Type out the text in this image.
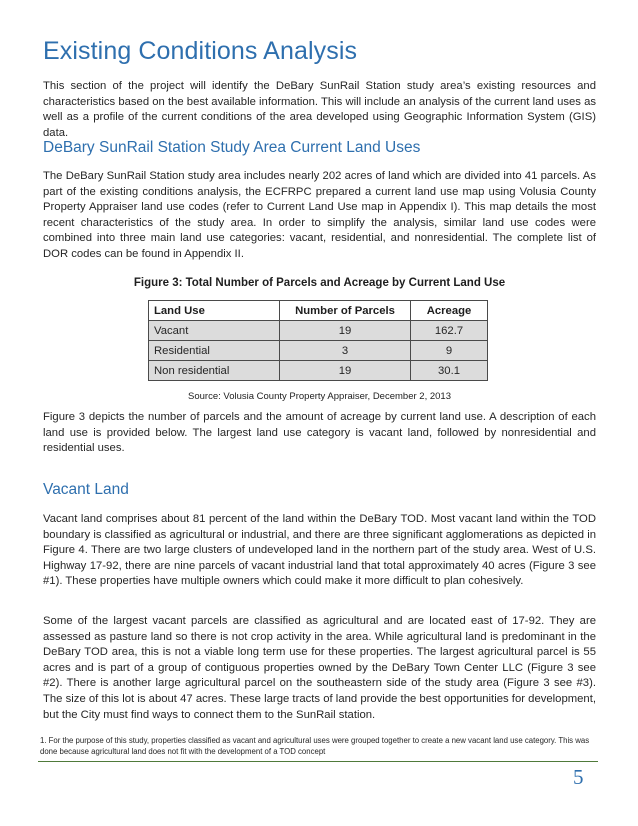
Existing Conditions Analysis

This section of the project will identify the DeBary SunRail Station study area’s existing resources and characteristics based on the best available information. This will include an analysis of the current land uses as well as a profile of the current conditions of the area developed using Geographic Information System (GIS) data.

DeBary SunRail Station Study Area Current Land Uses

The DeBary SunRail Station study area includes nearly 202 acres of land which are divided into 41 parcels. As part of the existing conditions analysis, the ECFRPC prepared a current land use map using Volusia County Property Appraiser land use codes (refer to Current Land Use map in Appendix I). This map details the most recent characteristics of the study area. In order to simplify the analysis, similar land use codes were combined into three main land use categories: vacant, residential, and nonresidential. The complete list of DOR codes can be found in Appendix II.

Figure 3: Total Number of Parcels and Acreage by Current Land Use
Land Use	Number of Parcels	Acreage
Vacant	19	162.7
Residential	3	9
Non residential	19	30.1
Source: Volusia County Property Appraiser, December 2, 2013

Figure 3 depicts the number of parcels and the amount of acreage by current land use. A description of each land use is provided below. The largest land use category is vacant land, followed by nonresidential and residential uses.

Vacant Land

Vacant land comprises about 81 percent of the land within the DeBary TOD. Most vacant land within the TOD boundary is classified as agricultural or industrial, and there are three significant agglomerations as depicted in Figure 4. There are two large clusters of undeveloped land in the northern part of the study area. West of U.S. Highway 17-92, there are nine parcels of vacant industrial land that total approximately 40 acres (Figure 3 see #1). These properties have multiple owners which could make it more difficult to plan cohesively.

Some of the largest vacant parcels are classified as agricultural and are located east of 17-92. They are assessed as pasture land so there is not crop activity in the area. While agricultural land is predominant in the DeBary TOD area, this is not a viable long term use for these properties. The largest agricultural parcel is 55 acres and is part of a group of contiguous properties owned by the DeBary Town Center LLC (Figure 3 see #2). There is another large agricultural parcel on the southeastern side of the study area (Figure 3 see #3). The size of this lot is about 47 acres. These large tracts of land provide the best opportunities for development, but the City must find ways to connect them to the SunRail station.

1. For the purpose of this study, properties classified as vacant and agricultural uses were grouped together to create a new vacant land use category. This was done because agricultural land does not fit with the development of a TOD concept
5
